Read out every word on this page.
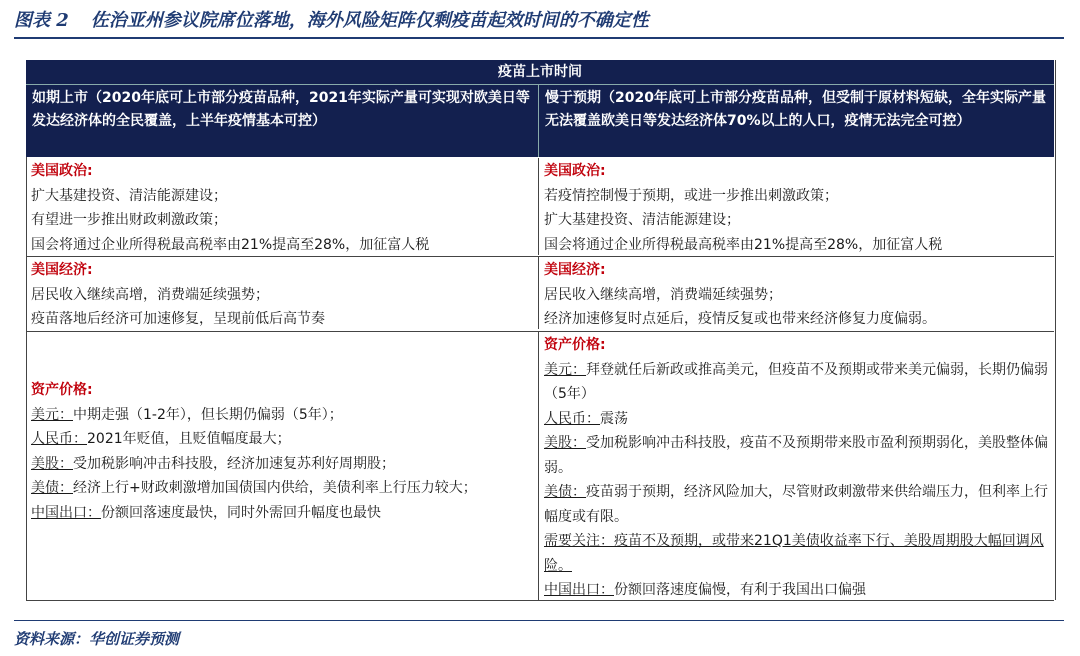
图表 2 佐治亚州参议院席位落地，海外风险矩阵仅剩疫苗起效时间的不确定性
疫苗上市时间
如期上市（2020年底可上市部分疫苗品种，2021年实际产量可实现对欧美日等发达经济体的全民覆盖，上半年疫情基本可控）
慢于预期（2020年底可上市部分疫苗品种，但受制于原材料短缺，全年实际产量无法覆盖欧美日等发达经济体70%以上的人口，疫情无法完全可控）
美国政治:
扩大基建投资、清洁能源建设；
有望进一步推出财政刺激政策；
国会将通过企业所得税最高税率由21%提高至28%，加征富人税
美国政治:
若疫情控制慢于预期，或进一步推出刺激政策；
扩大基建投资、清洁能源建设；
国会将通过企业所得税最高税率由21%提高至28%，加征富人税
美国经济:
居民收入继续高增，消费端延续强势；
疫苗落地后经济可加速修复，呈现前低后高节奏
美国经济:
居民收入继续高增，消费端延续强势；
经济加速修复时点延后，疫情反复或也带来经济修复力度偏弱。
资产价格:
美元：中期走强（1-2年），但长期仍偏弱（5年）；
人民币：2021年贬值，且贬值幅度最大；
美股：受加税影响冲击科技股，经济加速复苏利好周期股；
美债：经济上行+财政刺激增加国债国内供给，美债利率上行压力较大；
中国出口：份额回落速度最快，同时外需回升幅度也最快
资产价格:
美元：拜登就任后新政或推高美元，但疫苗不及预期或带来美元偏弱，长期仍偏弱（5年）
人民币：震荡
美股：受加税影响冲击科技股，疫苗不及预期带来股市盈利预期弱化，美股整体偏弱。
美债：疫苗弱于预期，经济风险加大，尽管财政刺激带来供给端压力，但利率上行幅度或有限。
需要关注：疫苗不及预期，或带来21Q1美债收益率下行、美股周期股大幅回调风险。
中国出口：份额回落速度偏慢，有利于我国出口偏强
资料来源：华创证券预测
